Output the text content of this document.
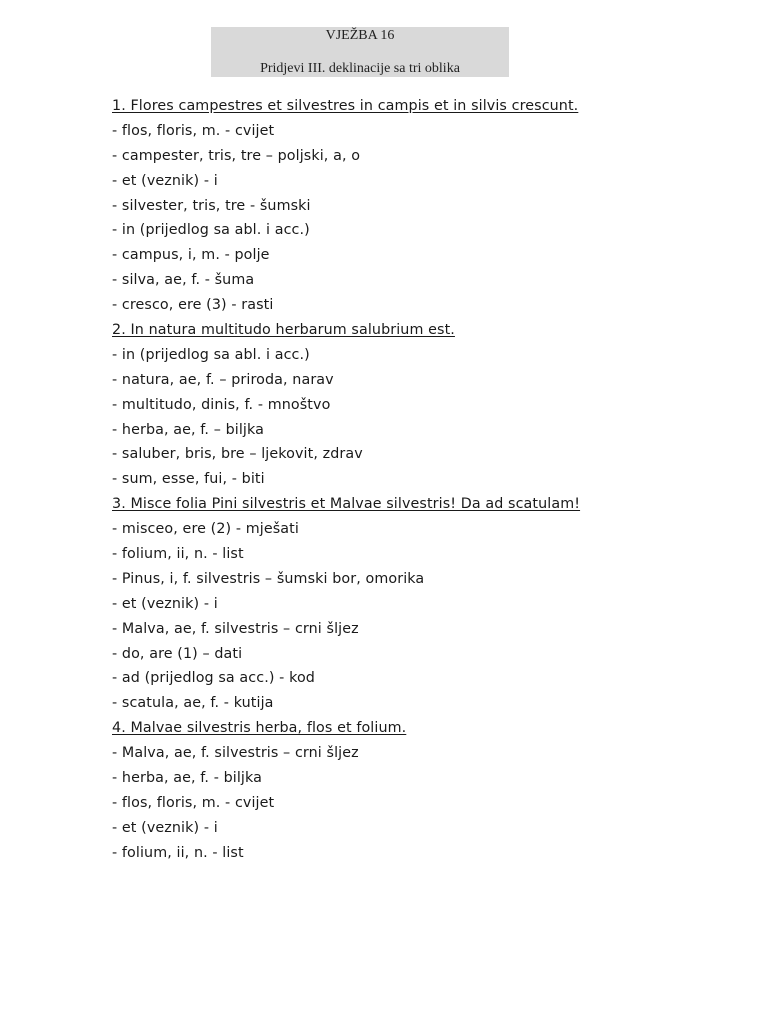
VJEŽBA 16
Pridjevi III. deklinacije sa tri oblika
1. Flores campestres et silvestres in campis et in silvis crescunt.
- flos, floris, m. - cvijet
- campester, tris, tre – poljski, a, o
- et (veznik) - i
- silvester, tris, tre - šumski
- in (prijedlog sa abl. i acc.)
- campus, i, m. - polje
- silva, ae, f. - šuma
- cresco, ere (3) - rasti
2. In natura multitudo herbarum salubrium est.
- in (prijedlog sa abl. i acc.)
- natura, ae, f. – priroda, narav
- multitudo, dinis, f. - mnoštvo
- herba, ae, f. – biljka
- saluber, bris, bre – ljekovit, zdrav
- sum, esse, fui, - biti
3. Misce folia Pini silvestris et Malvae silvestris! Da ad scatulam!
- misceo, ere (2) - mješati
- folium, ii, n. - list
- Pinus, i, f. silvestris – šumski bor, omorika
- et (veznik) - i
- Malva, ae, f. silvestris – crni šljez
- do, are (1) – dati
- ad (prijedlog sa acc.) - kod
- scatula, ae, f. - kutija
4. Malvae silvestris herba, flos et folium.
- Malva, ae, f. silvestris – crni šljez
- herba, ae, f. - biljka
- flos, floris, m. - cvijet
- et (veznik) - i
- folium, ii, n. - list
